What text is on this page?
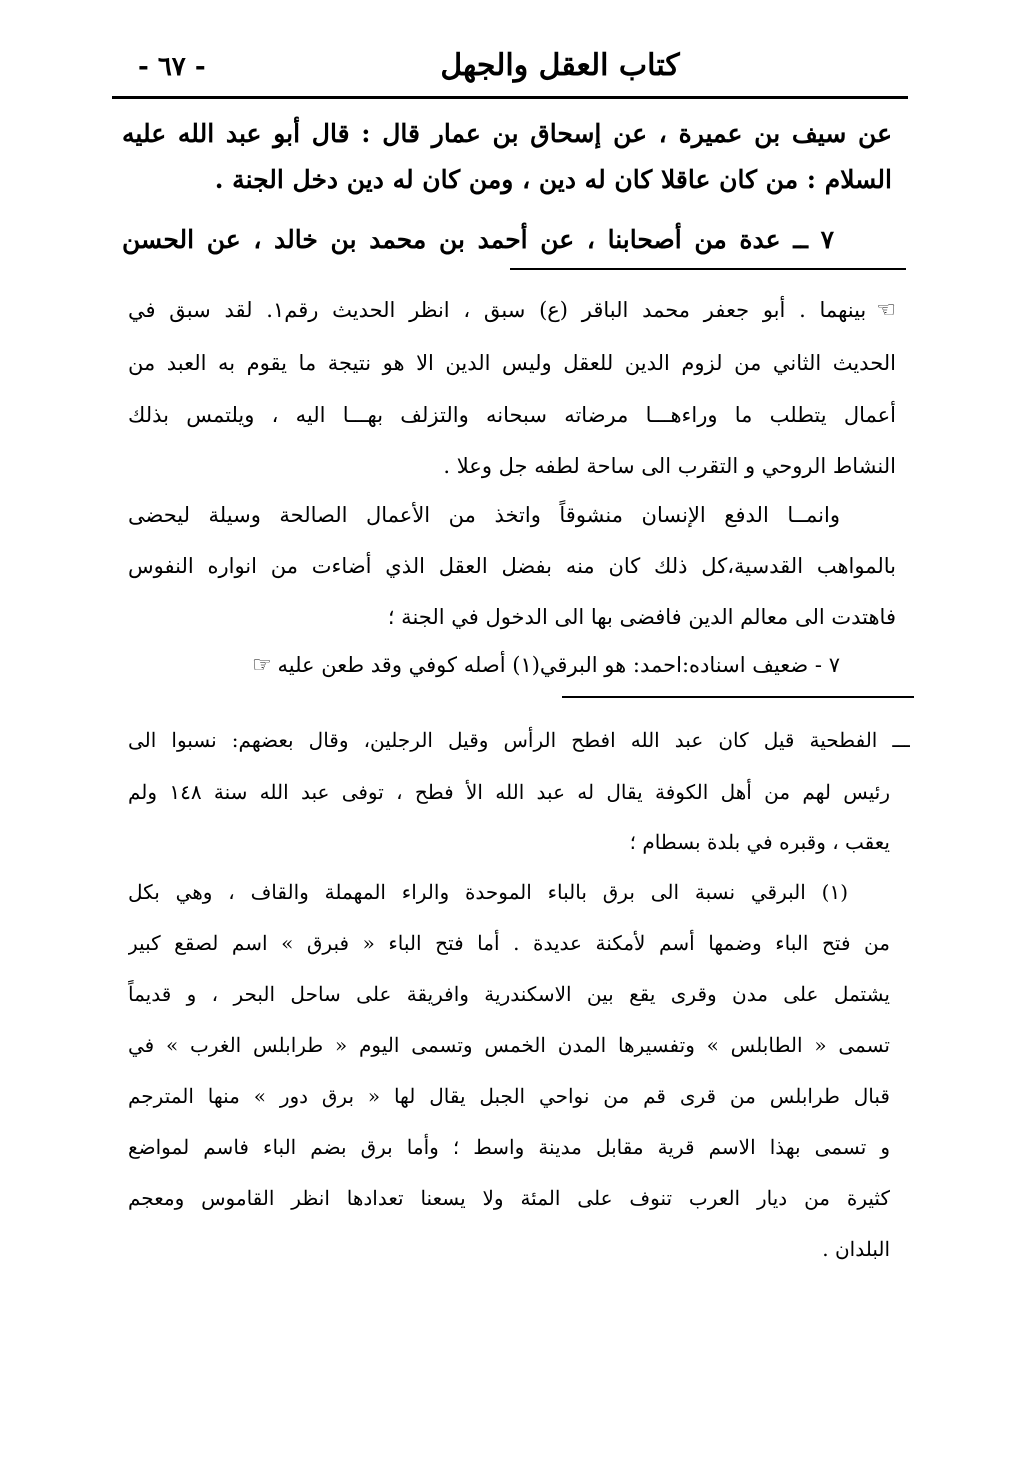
- ٦٧ -	كتاب العقل والجهل
عن سيف بن عميرة ، عن إسحاق بن عمار قال : قال أبو عبد الله عليه
السلام : من كان عاقلا كان له دين ، ومن كان له دين دخل الجنة .
٧ ــ عدة من أصحابنا ، عن أحمد بن محمد بن خالد ، عن الحسن
☜
بينهما . أبو جعفر محمد الباقر (ع) سبق ، انظر الحديث رقم١. لقد سبق في
الحديث الثاني من لزوم الدين للعقل وليس الدين الا هو نتيجة ما يقوم به العبد من
أعمال يتطلب ما وراءهـــا مرضاته سبحانه والتزلف بهـــا اليه ، ويلتمس بذلك
النشاط الروحي و التقرب الى ساحة لطفه جل وعلا .
وانمــا الدفع الإنسان منشوقاً واتخذ من الأعمال الصالحة وسيلة ليحضى
بالمواهب القدسية،كل ذلك كان منه بفضل العقل الذي أضاءت من انواره النفوس
فاهتدت الى معالم الدين فافضى بها الى الدخول في الجنة ؛
٧ - ضعيف اسناده:احمد: هو البرقي(١) أصله كوفي وقد طعن عليه
☜
ـــ الفطحية قيل كان عبد الله افطح الرأس وقيل الرجلين، وقال بعضهم: نسبوا الى
رئيس لهم من أهل الكوفة يقال له عبد الله الأ فطح ، توفى عبد الله سنة ١٤٨ ولم
يعقب ، وقبره في بلدة بسطام ؛
(١) البرقي نسبة الى برق بالباء الموحدة والراء المهملة والقاف ، وهي بكل
من فتح الباء وضمها أسم لأمكنة عديدة . أما فتح الباء « فبرق » اسم لصقع كبير
يشتمل على مدن وقرى يقع بين الاسكندرية وافريقة على ساحل البحر ، و قديماً
تسمى « الطابلس » وتفسيرها المدن الخمس وتسمى اليوم « طرابلس الغرب » في
قبال طرابلس من قرى قم من نواحي الجبل يقال لها « برق دور » منها المترجم
و تسمى بهذا الاسم قرية مقابل مدينة واسط ؛ وأما برق بضم الباء فاسم لمواضع
كثيرة من ديار العرب تنوف على المئة ولا يسعنا تعدادها انظر القاموس ومعجم
البلدان .
